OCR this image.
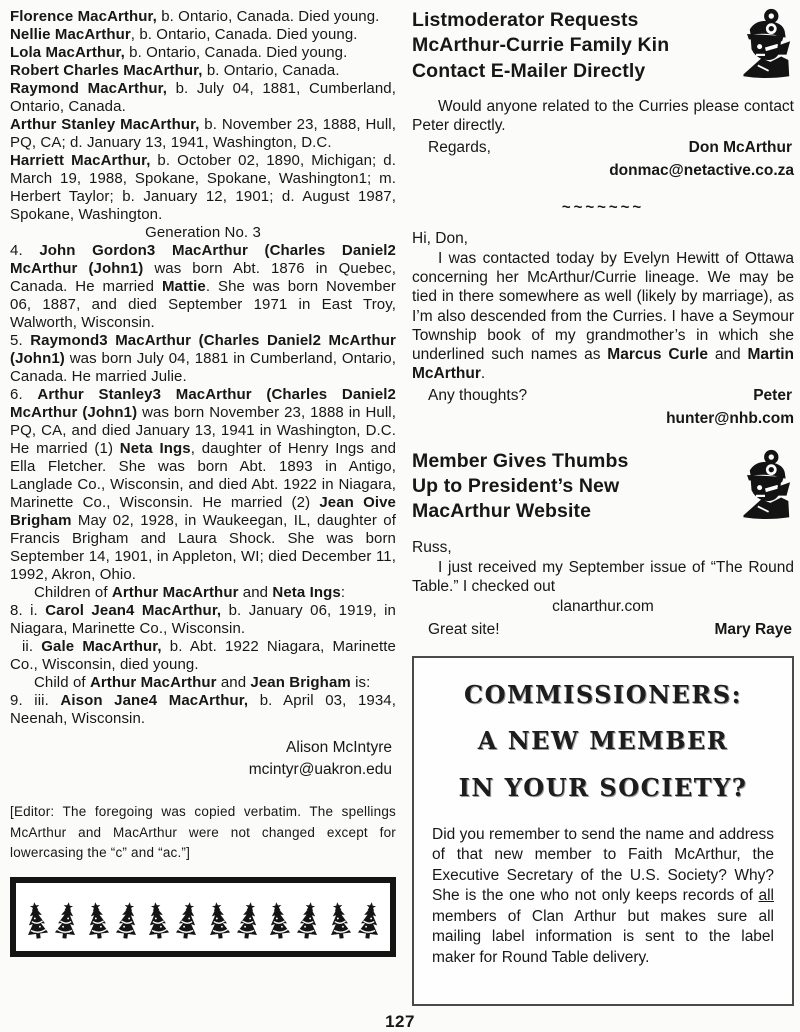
Florence MacArthur, b. Ontario, Canada. Died young.

Nellie MacArthur, b. Ontario, Canada. Died young.

Lola MacArthur, b. Ontario, Canada. Died young.

Robert Charles MacArthur, b. Ontario, Canada.

Raymond MacArthur, b. July 04, 1881, Cumberland, Ontario, Canada.

Arthur Stanley MacArthur, b. November 23, 1888, Hull, PQ, CA; d. January 13, 1941, Washington, D.C.

Harriett MacArthur, b. October 02, 1890, Michigan; d. March 19, 1988, Spokane, Spokane, Washington1; m. Herbert Taylor; b. January 12, 1901; d. August 1987, Spokane, Washington.

Generation No. 3

4. John Gordon3 MacArthur (Charles Daniel2 McArthur (John1) was born Abt. 1876 in Quebec, Canada. He married Mattie. She was born November 06, 1887, and died September 1971 in East Troy, Walworth, Wisconsin.

5. Raymond3 MacArthur (Charles Daniel2 McArthur (John1) was born July 04, 1881 in Cumberland, Ontario, Canada. He married Julie.

6. Arthur Stanley3 MacArthur (Charles Daniel2 McArthur (John1) was born November 23, 1888 in Hull, PQ, CA, and died January 13, 1941 in Washington, D.C. He married (1) Neta Ings, daughter of Henry Ings and Ella Fletcher. She was born Abt. 1893 in Antigo, Langlade Co., Wisconsin, and died Abt. 1922 in Niagara, Marinette Co., Wisconsin. He married (2) Jean Oive Brigham May 02, 1928, in Waukeegan, IL, daughter of Francis Brigham and Laura Shock. She was born September 14, 1901, in Appleton, WI; died December 11, 1992, Akron, Ohio.

Children of Arthur MacArthur and Neta Ings:

8. i. Carol Jean4 MacArthur, b. January 06, 1919, in Niagara, Marinette Co., Wisconsin.

ii. Gale MacArthur, b. Abt. 1922 Niagara, Marinette Co., Wisconsin, died young.

Child of Arthur MacArthur and Jean Brigham is:

9. iii. Aison Jane4 MacArthur, b. April 03, 1934, Neenah, Wisconsin.

Alison McIntyre
mcintyr@uakron.edu

[Editor: The foregoing was copied verbatim. The spellings McArthur and MacArthur were not changed except for lowercasing the “c” and “ac.”]

Listmoderator Requests
McArthur-Currie Family Kin
Contact E-Mailer Directly

Would anyone related to the Curries please contact Peter directly.

Regards,	Don McArthur
donmac@netactive.co.za
~~~~~~~

Hi, Don,

I was contacted today by Evelyn Hewitt of Ottawa concerning her McArthur/Currie lineage. We may be tied in there somewhere as well (likely by marriage), as I’m also descended from the Curries. I have a Seymour Township book of my grandmother’s in which she underlined such names as Marcus Curle and Martin McArthur.

Any thoughts?	Peter
hunter@nhb.com
Member Gives Thumbs
Up to President’s New
MacArthur Website

Russ,

I just received my September issue of “The Round Table.” I checked out

clanarthur.com
Great site!	Mary Raye
COMMISSIONERS:
A NEW MEMBER
IN YOUR SOCIETY?

Did you remember to send the name and address of that new member to Faith McArthur, the Executive Secretary of the U.S. Society? Why? She is the one who not only keeps records of all members of Clan Arthur but makes sure all mailing label information is sent to the label maker for Round Table delivery.

127
